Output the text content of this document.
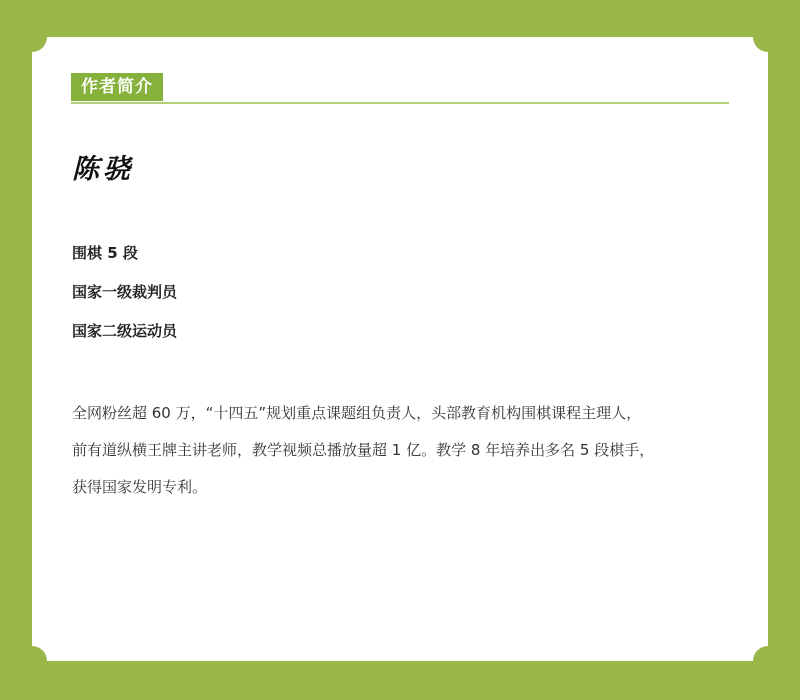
作者简介
陈骁
围棋 5 段
国家一级裁判员
国家二级运动员

全网粉丝超 60 万，“十四五”规划重点课题组负责人，头部教育机构围棋课程主理人，

前有道纵横王牌主讲老师，教学视频总播放量超 1 亿。教学 8 年培养出多名 5 段棋手，

获得国家发明专利。
